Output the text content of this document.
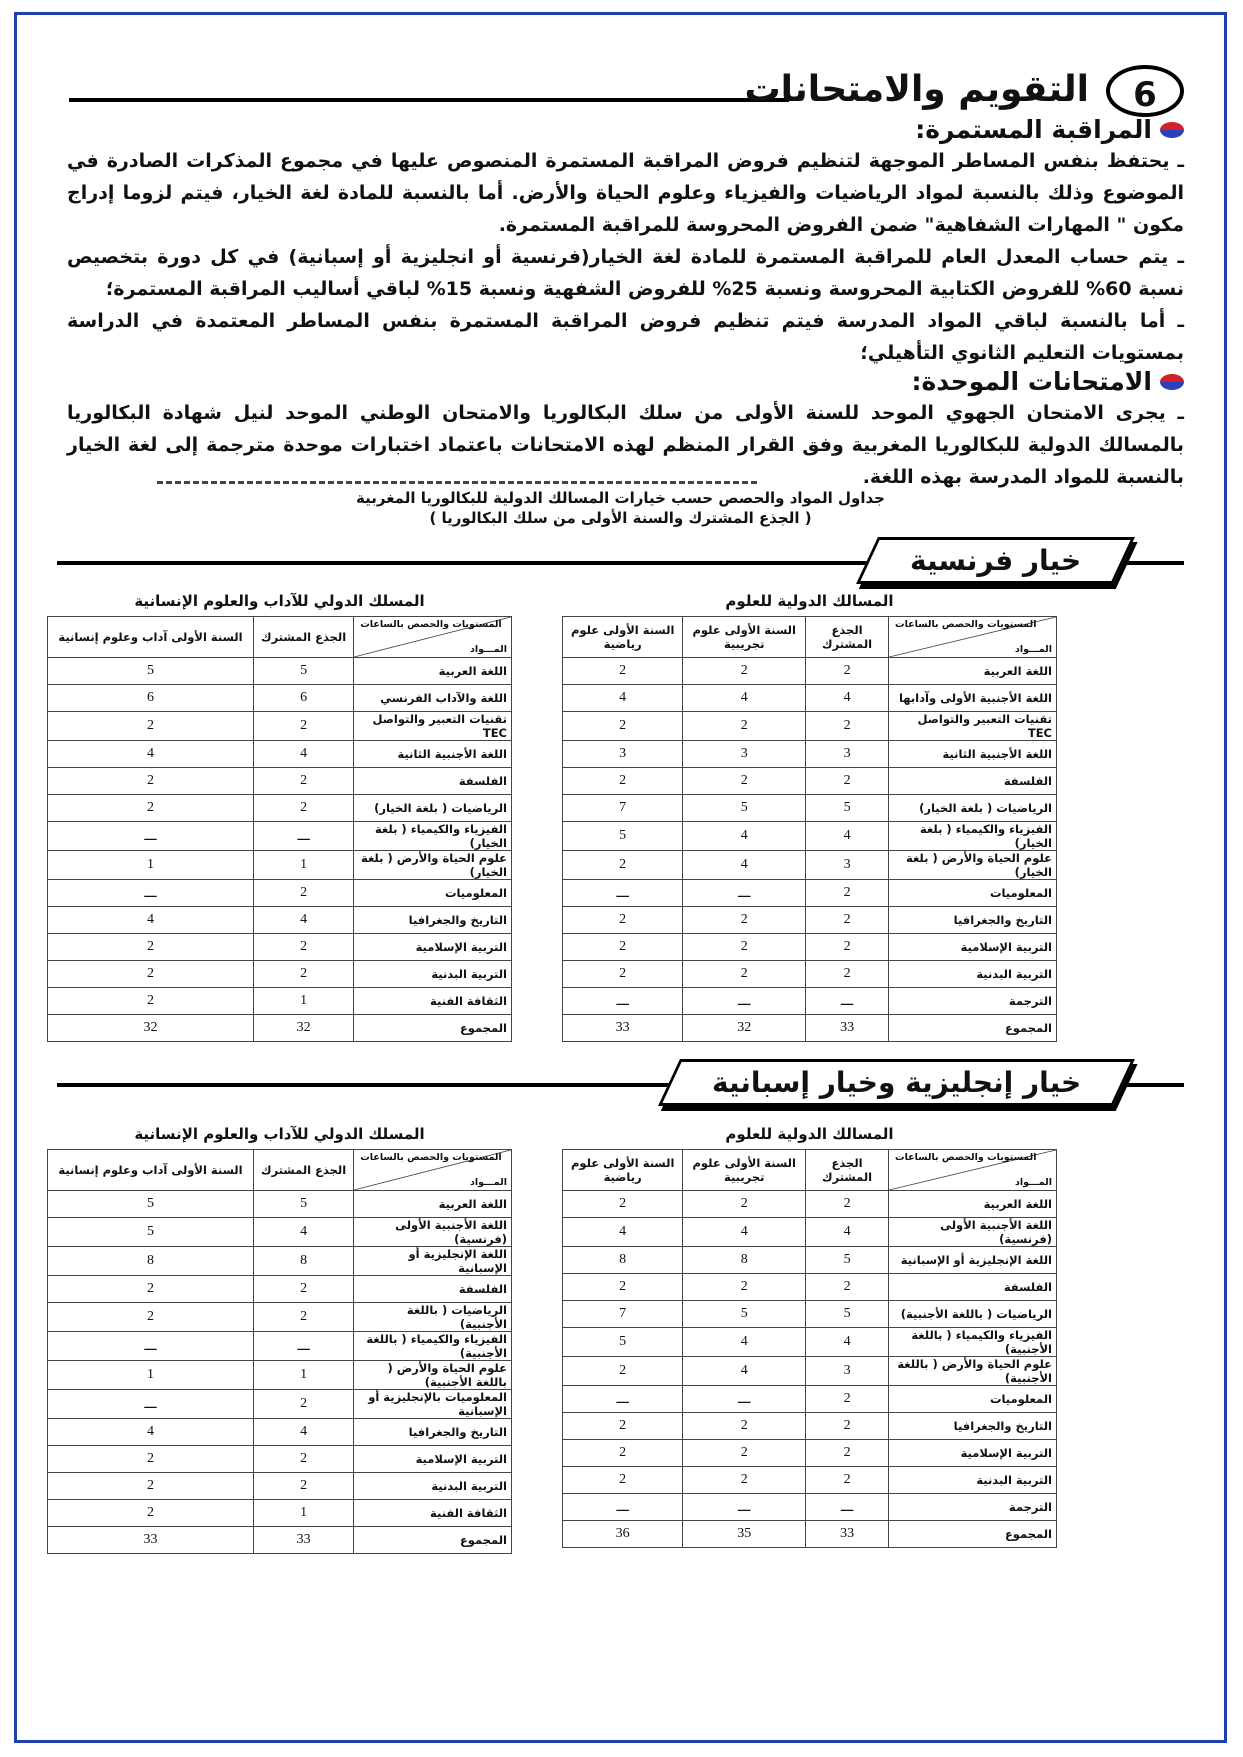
التقويم والامتحانات	6
المراقبة المستمرة:
ـ يحتفظ بنفس المساطر الموجهة لتنظيم فروض المراقبة المستمرة المنصوص عليها في مجموع المذكرات الصادرة في الموضوع وذلك بالنسبة لمواد الرياضيات والفيزياء وعلوم الحياة والأرض. أما بالنسبة للمادة لغة الخيار، فيتم لزوما إدراج مكون " المهارات الشفاهية" ضمن الفروض المحروسة للمراقبة المستمرة.
ـ يتم حساب المعدل العام للمراقبة المستمرة للمادة لغة الخيار(فرنسية أو انجليزية أو إسبانية) في كل دورة بتخصيص نسبة 60% للفروض الكتابية المحروسة ونسبة 25% للفروض الشفهية ونسبة 15% لباقي أساليب المراقبة المستمرة؛
ـ أما بالنسبة لباقي المواد المدرسة فيتم تنظيم فروض المراقبة المستمرة بنفس المساطر المعتمدة في الدراسة بمستويات التعليم الثانوي التأهيلي؛
الامتحانات الموحدة:
ـ يجرى الامتحان الجهوي الموحد للسنة الأولى من سلك البكالوريا والامتحان الوطني الموحد لنيل شهادة البكالوريا بالمسالك الدولية للبكالوريا المغربية وفق القرار المنظم لهذه الامتحانات باعتماد اختبارات موحدة مترجمة إلى لغة الخيار بالنسبة للمواد المدرسة بهذه اللغة.
جداول المواد والحصص حسب خيارات المسالك الدولية للبكالوريا المغربية
( الجذع المشترك والسنة الأولى من سلك البكالوريا )
خيار فرنسية
المسالك الدولية للعلوم
المسلك الدولي للآداب والعلوم الإنسانية
المستويات والحصص بالساعات
المـــواد	الجذع المشترك	السنة الأولى علوم تجريبية	السنة الأولى علوم رياضية
اللغة العربية	2	2	2
اللغة الأجنبية الأولى وآدابها	4	4	4
تقنيات التعبير والتواصل TEC	2	2	2
اللغة الأجنبية الثانية	3	3	3
الفلسفة	2	2	2
الرياضيات ( بلغة الخيار)	5	5	7
الفيزياء والكيمياء ( بلغة الخيار)	4	4	5
علوم الحياة والأرض ( بلغة الخيار)	3	4	2
المعلوميات	2	ـــ	ـــ
التاريخ والجغرافيا	2	2	2
التربية الإسلامية	2	2	2
التربية البدنية	2	2	2
الترجمة	ـــ	ـــ	ـــ
المجموع	33	32	33
المستويات والحصص بالساعات
المـــواد	الجذع المشترك	السنة الأولى آداب وعلوم إنسانية
اللغة العربية	5	5
اللغة والآداب الفرنسي	6	6
تقنيات التعبير والتواصل TEC	2	2
اللغة الأجنبية الثانية	4	4
الفلسفة	2	2
الرياضيات ( بلغة الخيار)	2	2
الفيزياء والكيمياء ( بلغة الخيار)	ـــ	ـــ
علوم الحياة والأرض ( بلغة الخيار)	1	1
المعلوميات	2	ـــ
التاريخ والجغرافيا	4	4
التربية الإسلامية	2	2
التربية البدنية	2	2
الثقافة الفنية	1	2
المجموع	32	32
خيار إنجليزية وخيار إسبانية
المسالك الدولية للعلوم
المسلك الدولي للآداب والعلوم الإنسانية
المستويات والحصص بالساعات
المـــواد	الجذع المشترك	السنة الأولى علوم تجريبية	السنة الأولى علوم رياضية
اللغة العربية	2	2	2
اللغة الأجنبية الأولى (فرنسية)	4	4	4
اللغة الإنجليزية أو الإسبانية	5	8	8
الفلسفة	2	2	2
الرياضيات ( باللغة الأجنبية)	5	5	7
الفيزياء والكيمياء ( باللغة الأجنبية)	4	4	5
علوم الحياة والأرض ( باللغة الأجنبية)	3	4	2
المعلوميات	2	ـــ	ـــ
التاريخ والجغرافيا	2	2	2
التربية الإسلامية	2	2	2
التربية البدنية	2	2	2
الترجمة	ـــ	ـــ	ـــ
المجموع	33	35	36
المستويات والحصص بالساعات
المـــواد	الجذع المشترك	السنة الأولى آداب وعلوم إنسانية
اللغة العربية	5	5
اللغة الأجنبية الأولى (فرنسية)	4	5
اللغة الإنجليزية أو الإسبانية	8	8
الفلسفة	2	2
الرياضيات ( باللغة الأجنبية)	2	2
الفيزياء والكيمياء ( باللغة الأجنبية)	ـــ	ـــ
علوم الحياة والأرض ( باللغة الأجنبية)	1	1
المعلوميات بالإنجليزية أو الإسبانية	2	ـــ
التاريخ والجغرافيا	4	4
التربية الإسلامية	2	2
التربية البدنية	2	2
الثقافة الفنية	1	2
المجموع	33	33
